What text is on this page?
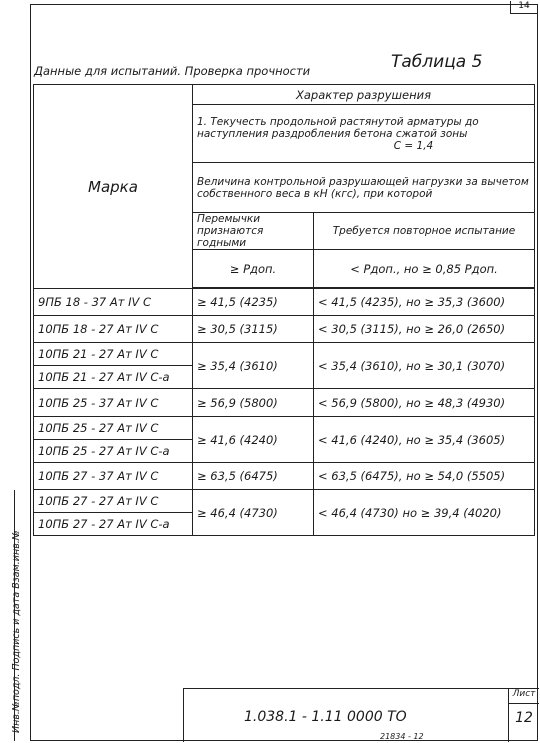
14
Инв.№подл. Подпись и дата Взам.инв.№
Таблица 5
Данные для испытаний. Проверка прочности
Марка	Характер разрушения	

	1. Текучесть продольной растянутой арматуры до наступления раздробления бетона сжатой зоны
C = 1,4	

	Величина контрольной разрушающей нагрузки за вычетом собственного веса в кН (кгс), при которой	
	Перемычки признаются годными	Требуется повторное испытание
	≥ Pдоп.	< Pдоп., но ≥ 0,85 Pдоп.

9ПБ 18 - 37 Ат IV С	≥ 41,5 (4235)	< 41,5 (4235), но ≥ 35,3 (3600)
10ПБ 18 - 27 Ат IV С	≥ 30,5 (3115)	< 30,5 (3115), но ≥ 26,0 (2650)
10ПБ 21 - 27 Ат IV С	≥ 35,4 (3610)	< 35,4 (3610), но ≥ 30,1 (3070)
10ПБ 21 - 27 Ат IV С-а		
10ПБ 25 - 37 Ат IV С	≥ 56,9 (5800)	< 56,9 (5800), но ≥ 48,3 (4930)
10ПБ 25 - 27 Ат IV С	≥ 41,6 (4240)	< 41,6 (4240), но ≥ 35,4 (3605)
10ПБ 25 - 27 Ат IV С-а		
10ПБ 27 - 37 Ат IV С	≥ 63,5 (6475)	< 63,5 (6475), но ≥ 54,0 (5505)
10ПБ 27 - 27 Ат IV С	≥ 46,4 (4730)	< 46,4 (4730) но ≥ 39,4 (4020)
10ПБ 27 - 27 Ат IV С-а		
1.038.1 - 1.11 0000 ТО
Лист
12
21834 - 12
